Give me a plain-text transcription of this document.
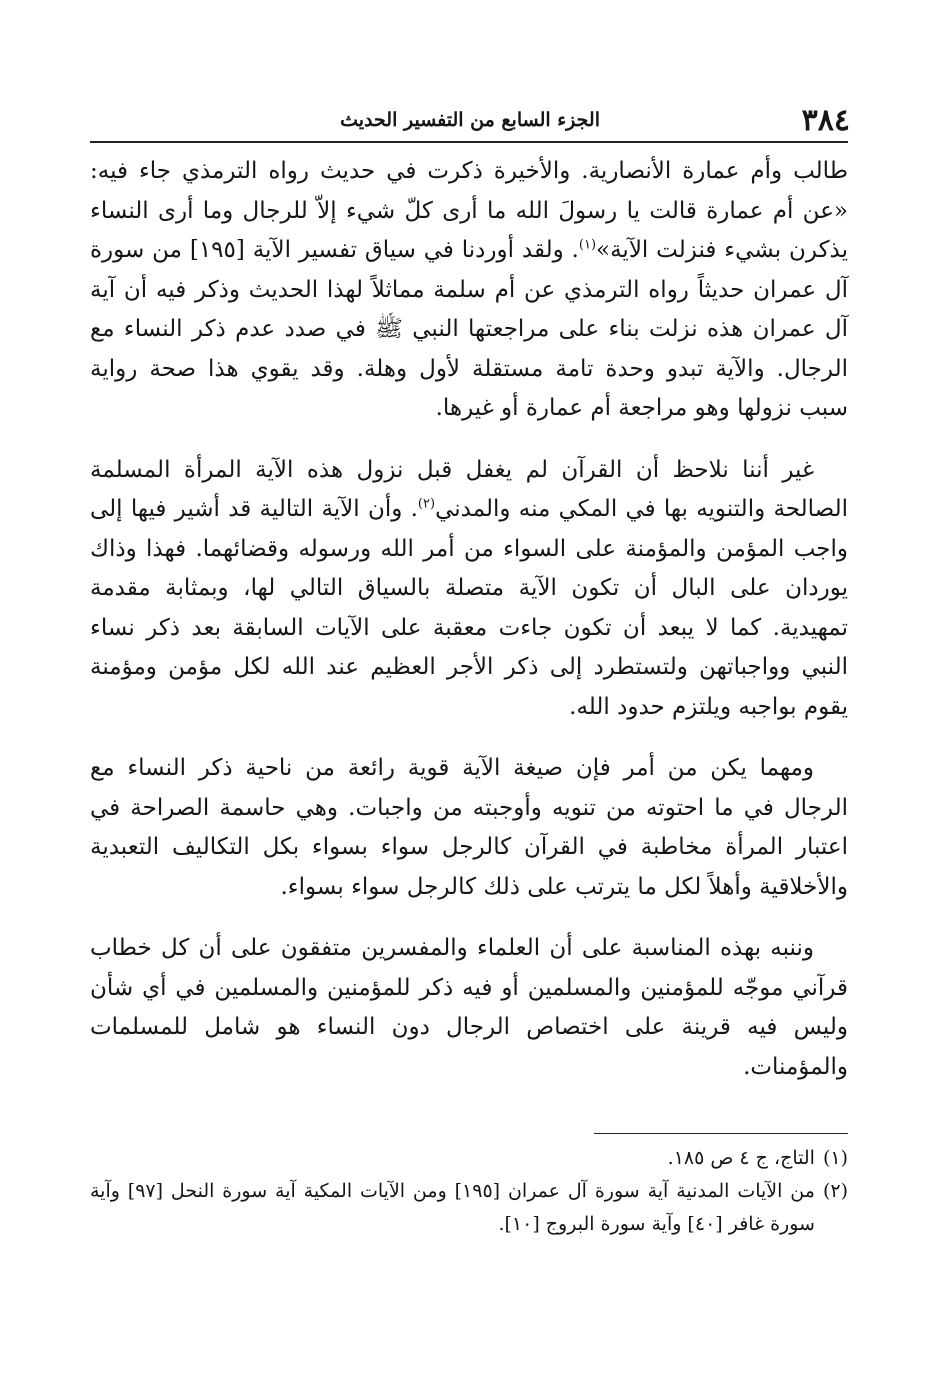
٣٨٤
الجزء السابع من التفسير الحديث

طالب وأم عمارة الأنصارية. والأخيرة ذكرت في حديث رواه الترمذي جاء فيه: «عن أم عمارة قالت يا رسولَ الله ما أرى كلّ شيء إلاّ للرجال وما أرى النساء يذكرن بشيء فنزلت الآية»$^{(١)}$. ولقد أوردنا في سياق تفسير الآية [١٩٥] من سورة آل عمران حديثاً رواه الترمذي عن أم سلمة مماثلاً لهذا الحديث وذكر فيه أن آية آل عمران هذه نزلت بناء على مراجعتها النبي ﷺ في صدد عدم ذكر النساء مع الرجال. والآية تبدو وحدة تامة مستقلة لأول وهلة. وقد يقوي هذا صحة رواية سبب نزولها وهو مراجعة أم عمارة أو غيرها.

غير أننا نلاحظ أن القرآن لم يغفل قبل نزول هذه الآية المرأة المسلمة الصالحة والتنويه بها في المكي منه والمدني$^{(٢)}$. وأن الآية التالية قد أشير فيها إلى واجب المؤمن والمؤمنة على السواء من أمر الله ورسوله وقضائهما. فهذا وذاك يوردان على البال أن تكون الآية متصلة بالسياق التالي لها، وبمثابة مقدمة تمهيدية. كما لا يبعد أن تكون جاءت معقبة على الآيات السابقة بعد ذكر نساء النبي وواجباتهن ولتستطرد إلى ذكر الأجر العظيم عند الله لكل مؤمن ومؤمنة يقوم بواجبه ويلتزم حدود الله.

ومهما يكن من أمر فإن صيغة الآية قوية رائعة من ناحية ذكر النساء مع الرجال في ما احتوته من تنويه وأوجبته من واجبات. وهي حاسمة الصراحة في اعتبار المرأة مخاطبة في القرآن كالرجل سواء بسواء بكل التكاليف التعبدية والأخلاقية وأهلاً لكل ما يترتب على ذلك كالرجل سواء بسواء.

وننبه بهذه المناسبة على أن العلماء والمفسرين متفقون على أن كل خطاب قرآني موجّه للمؤمنين والمسلمين أو فيه ذكر للمؤمنين والمسلمين في أي شأن وليس فيه قرينة على اختصاص الرجال دون النساء هو شامل للمسلمات والمؤمنات.

(١)
التاج، ج ٤ ص ١٨٥.
(٢)
من الآيات المدنية آية سورة آل عمران [١٩٥] ومن الآيات المكية آية سورة النحل [٩٧] وآية سورة غافر [٤٠] وآية سورة البروج [١٠].
